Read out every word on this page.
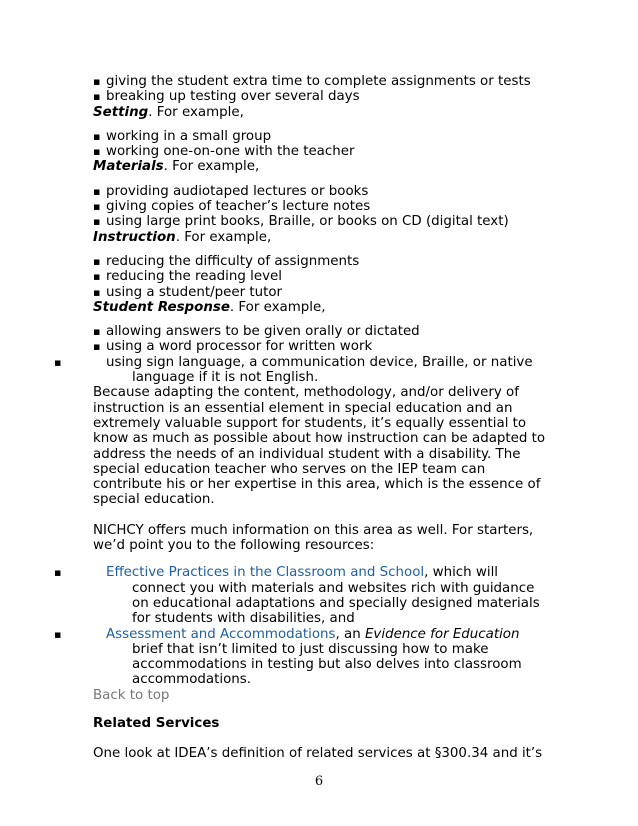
▪ giving the student extra time to complete assignments or tests
▪ breaking up testing over several days
Setting. For example,
▪ working in a small group
▪ working one-on-one with the teacher
Materials. For example,
▪ providing audiotaped lectures or books
▪ giving copies of teacher’s lecture notes
▪ using large print books, Braille, or books on CD (digital text)
Instruction. For example,
▪ reducing the difficulty of assignments
▪ reducing the reading level
▪ using a student/peer tutor
Student Response. For example,
▪ allowing answers to be given orally or dictated
▪ using a word processor for written work
▪ using sign language, a communication device, Braille, or native language if it is not English.

Because adapting the content, methodology, and/or delivery of instruction is an essential element in special education and an extremely valuable support for students, it’s equally essential to know as much as possible about how instruction can be adapted to address the needs of an individual student with a disability. The special education teacher who serves on the IEP team can contribute his or her expertise in this area, which is the essence of special education.

NICHCY offers much information on this area as well. For starters, we’d point you to the following resources:

▪ Effective Practices in the Classroom and School, which will connect you with materials and websites rich with guidance on educational adaptations and specially designed materials for students with disabilities, and
▪ Assessment and Accommodations, an Evidence for Education brief that isn’t limited to just discussing how to make accommodations in testing but also delves into classroom accommodations.
Back to top
Related Services

One look at IDEA’s definition of related services at §300.34 and it’s

6
